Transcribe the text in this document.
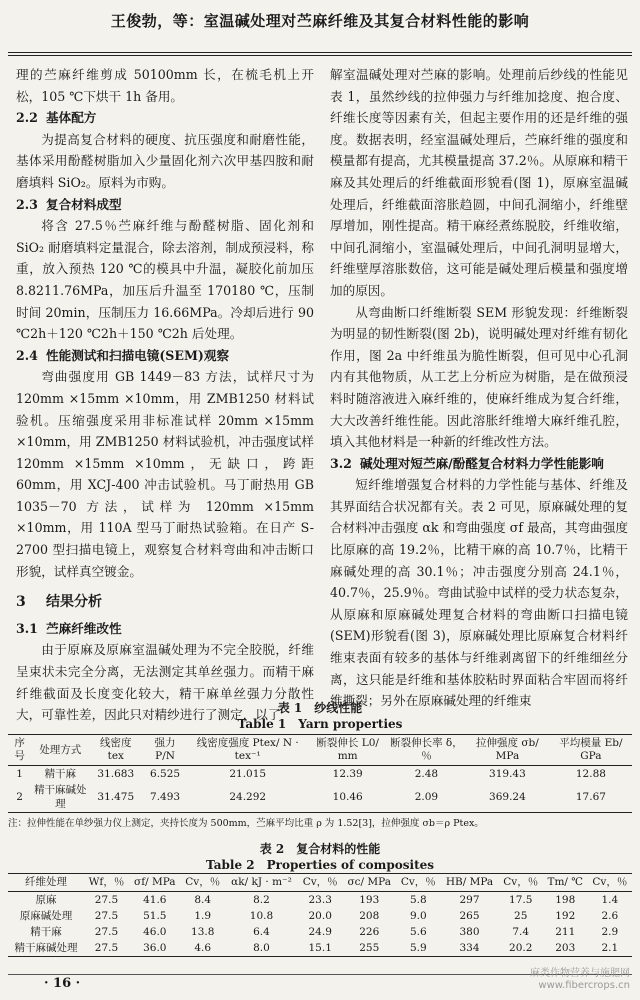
王俊勃，等：室温碱处理对苎麻纤维及其复合材料性能的影响

理的苎麻纤维剪成 50100mm 长，在梳毛机上开松，105 ℃下烘干 1h 备用。

2.2 基体配方

为提高复合材料的硬度、抗压强度和耐磨性能，基体采用酚醛树脂加入少量固化剂六次甲基四胺和耐磨填料 SiO₂。原料为市购。

2.3 复合材料成型

将含 27.5％苎麻纤维与酚醛树脂、固化剂和 SiO₂ 耐磨填料定量混合，除去溶剂，制成预浸料，称重，放入预热 120 ℃的模具中升温，凝胶化前加压 8.8211.76MPa，加压后升温至 170180 ℃，压制时间 20min，压制压力 16.66MPa。冷却后进行 90 ℃2h＋120 ℃2h＋150 ℃2h 后处理。

2.4 性能测试和扫描电镜(SEM)观察

弯曲强度用 GB 1449－83 方法，试样尺寸为 120mm ×15mm ×10mm，用 ZMB1250 材料试验机。压缩强度采用非标准试样 20mm ×15mm ×10mm，用 ZMB1250 材料试验机，冲击强度试样 120mm ×15mm ×10mm，无缺口，跨距 60mm，用 XCJ-400 冲击试验机。马丁耐热用 GB 1035－70 方法，试样为 120mm ×15mm ×10mm，用 110A 型马丁耐热试验箱。在日产 S-2700 型扫描电镜上，观察复合材料弯曲和冲击断口形貌，试样真空镀金。

3 结果分析
3.1 苎麻纤维改性

由于原麻及原麻室温碱处理为不完全胶脱，纤维呈束状未完全分离，无法测定其单丝强力。而精干麻纤维截面及长度变化较大，精干麻单丝强力分散性大，可靠性差，因此只对精纱进行了测定，以了

解室温碱处理对苎麻的影响。处理前后纱线的性能见表 1，虽然纱线的拉伸强力与纤维加捻度、抱合度、纤维长度等因素有关，但起主要作用的还是纤维的强度。数据表明，经室温碱处理后，苎麻纤维的强度和模量都有提高，尤其模量提高 37.2％。从原麻和精干麻及其处理后的纤维截面形貌看(图 1)，原麻室温碱处理后，纤维截面溶胀趋圆，中间孔洞缩小，纤维壁厚增加，刚性提高。精干麻经煮练脱胶，纤维收缩，中间孔洞缩小，室温碱处理后，中间孔洞明显增大，纤维壁厚溶胀数倍，这可能是碱处理后模量和强度增加的原因。

从弯曲断口纤维断裂 SEM 形貌发现：纤维断裂为明显的韧性断裂(图 2b)，说明碱处理对纤维有韧化作用，图 2a 中纤维虽为脆性断裂，但可见中心孔洞内有其他物质，从工艺上分析应为树脂，是在做预浸料时随溶液进入麻纤维的，使麻纤维成为复合纤维，大大改善纤维性能。因此溶胀纤维增大麻纤维孔腔，填入其他材料是一种新的纤维改性方法。

3.2 碱处理对短苎麻/酚醛复合材料力学性能影响

短纤维增强复合材料的力学性能与基体、纤维及其界面结合状况都有关。表 2 可见，原麻碱处理的复合材料冲击强度 αk 和弯曲强度 σf 最高，其弯曲强度比原麻的高 19.2％，比精干麻的高 10.7％，比精干麻碱处理的高 30.1％；冲击强度分别高 24.1％，40.7％，25.9％。弯曲试验中试样的受力状态复杂，从原麻和原麻碱处理复合材料的弯曲断口扫描电镜(SEM)形貌看(图 3)，原麻碱处理比原麻复合材料纤维束表面有较多的基体与纤维剥离留下的纤维细丝分离，这只能是纤维和基体胶粘时界面粘合牢固而将纤维撕裂；另外在原麻碱处理的纤维束

表 1　纱线性能
Table 1　Yarn properties
序号	处理方式	线密度 tex	强力 P/N	线密度强度 Ptex/ N · tex⁻¹	断裂伸长 L0/ mm	断裂伸长率 δ，％	拉伸强度 σb/ MPa	平均模量 Eb/ GPa
1	精干麻	31.683	6.525	21.015	12.39	2.48	319.43	12.88
2	精干麻碱处理	31.475	7.493	24.292	10.46	2.09	369.24	17.67
注：拉伸性能在单纱强力仪上测定，夹持长度为 500mm，苎麻平均比重 ρ 为 1.52[3]，拉伸强度 σb＝ρ Ptex。
表 2　复合材料的性能
Table 2　Properties of composites
纤维处理	Wf，％	σf/ MPa	Cv，％	αk/ kJ · m⁻²	Cv，％	σc/ MPa	Cv，％	HB/ MPa	Cv，％	Tm/ ℃	Cv，％
原麻	27.5	41.6	8.4	8.2	23.3	193	5.8	297	17.5	198	1.4
原麻碱处理	27.5	51.5	1.9	10.8	20.0	208	9.0	265	25	192	2.6
精干麻	27.5	46.0	13.8	6.4	24.9	226	5.6	380	7.4	211	2.9
精干麻碱处理	27.5	36.0	4.6	8.0	15.1	255	5.9	334	20.2	203	2.1
· 16 ·
麻类作物营养与施肥网
www.fibercrops.cn
